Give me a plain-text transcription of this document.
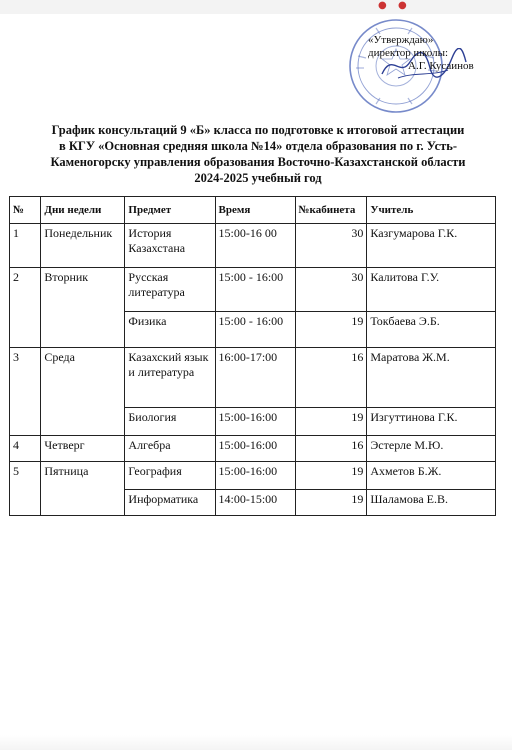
● ●
«Утверждаю»
директор школы:
А.Г. Кусаинов
График консультаций 9 «Б» класса по подготовке к итоговой аттестации
в КГУ «Основная средняя школа №14» отдела образования по г. Усть-
Каменогорску управления образования Восточно-Казахстанской области
2024-2025 учебный год
№	Дни недели	Предмет	Время	№кабинета	Учитель
1	Понедельник	История Казахстана	15:00-16 00	30	Казгумарова Г.К.
2	Вторник	Русская литература	15:00 - 16:00	30	Калитова Г.У.
		Физика	15:00 - 16:00	19	Токбаева Э.Б.
3	Среда	Казахский язык и литература	16:00-17:00	16	Маратова Ж.М.
		Биология	15:00-16:00	19	Изгуттинова Г.К.
4	Четверг	Алгебра	15:00-16:00	16	Эстерле М.Ю.
5	Пятница	География	15:00-16:00	19	Ахметов Б.Ж.
		Информатика	14:00-15:00	19	Шаламова Е.В.
